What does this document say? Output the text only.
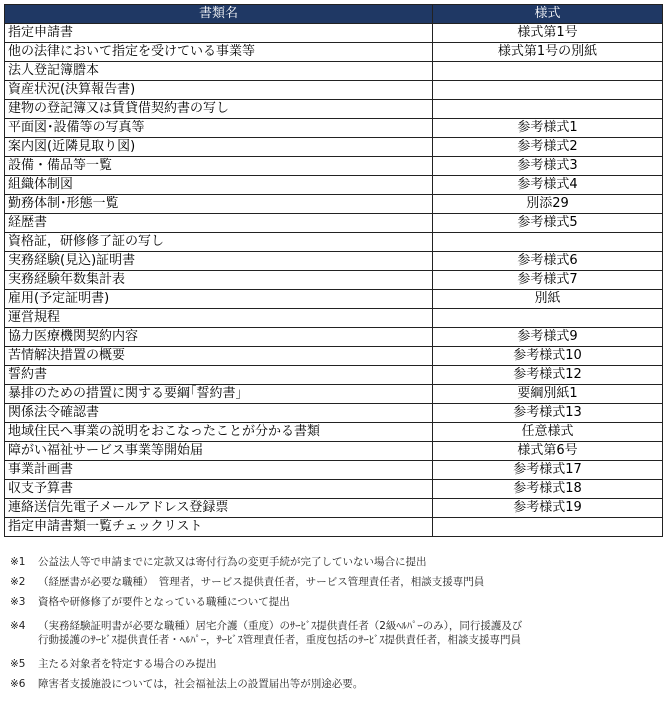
書類名	様式
指定申請書	様式第1号
他の法律において指定を受けている事業等	様式第1号の別紙
法人登記簿謄本	
資産状況(決算報告書)	
建物の登記簿又は賃貸借契約書の写し	
平面図･設備等の写真等	参考様式1
案内図(近隣見取り図)	参考様式2
設備・備品等一覧	参考様式3
組織体制図	参考様式4
勤務体制･形態一覧	別添29
経歴書	参考様式5
資格証，研修修了証の写し	
実務経験(見込)証明書	参考様式6
実務経験年数集計表	参考様式7
雇用(予定証明書)	別紙
運営規程	
協力医療機関契約内容	参考様式9
苦情解決措置の概要	参考様式10
誓約書	参考様式12
暴排のための措置に関する要綱｢誓約書｣	要綱別紙1
関係法令確認書	参考様式13
地域住民へ事業の説明をおこなったことが分かる書類	任意様式
障がい福祉サービス事業等開始届	様式第6号
事業計画書	参考様式17
収支予算書	参考様式18
連絡送信先電子メールアドレス登録票	参考様式19
指定申請書類一覧チェックリスト	
※1 公益法人等で申請までに定款又は寄付行為の変更手続が完了していない場合に提出
※2 （経歴書が必要な職種）　管理者，サービス提供責任者，サービス管理責任者，相談支援専門員
※3 資格や研修修了が要件となっている職種について提出
※4 （実務経験証明書が必要な職種）居宅介護（重度）のｻｰﾋﾞｽ提供責任者（2級ﾍﾙﾊﾟｰのみ），同行援護及び
行動援護のｻｰﾋﾞｽ提供責任者・ﾍﾙﾊﾟｰ，ｻｰﾋﾞｽ管理責任者，重度包括のｻｰﾋﾞｽ提供責任者，相談支援専門員
※5 主たる対象者を特定する場合のみ提出
※6 障害者支援施設については，社会福祉法上の設置届出等が別途必要。
